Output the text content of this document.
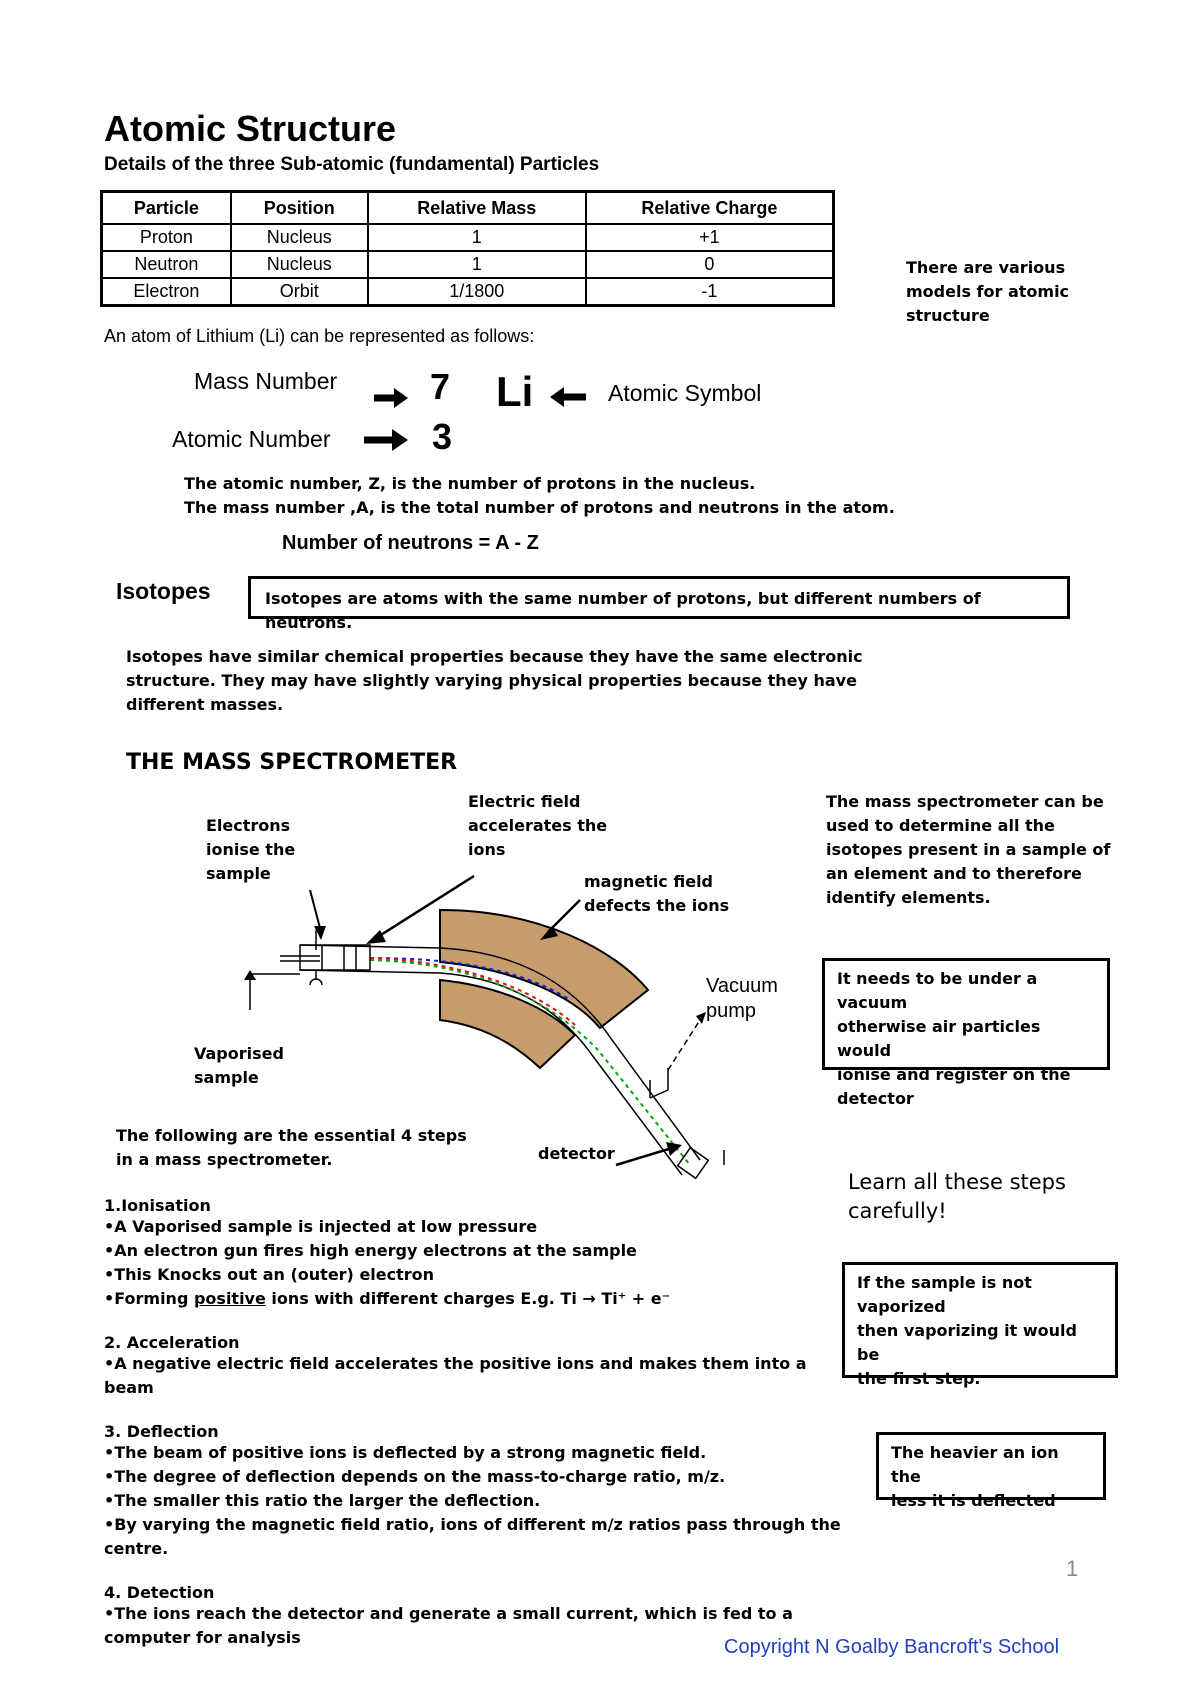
Atomic Structure
Details of the three Sub-atomic (fundamental) Particles
Particle	Position	Relative Mass	Relative Charge
Proton	Nucleus	1	+1
Neutron	Nucleus	1	0
Electron	Orbit	1/1800	-1
There are various models for atomic structure
An atom of Lithium (Li) can be represented as follows:
Mass Number
Atomic Number
7
3
Li	Atomic Symbol
The atomic number, Z, is the number of protons in the nucleus.
The mass number ,A, is the total number of protons and neutrons in the atom.
Number of neutrons = A - Z
Isotopes	Isotopes are atoms with the same number of protons, but different numbers of neutrons.
Isotopes have similar chemical properties because they have the same electronic
structure. They may have slightly varying physical properties because they have
different masses.
THE MASS SPECTROMETER
Electrons
ionise the
sample
Electric field
accelerates the
ions
magnetic field
defects the ions
Vacuum
pump
Vaporised
sample
detector
The mass spectrometer can be
used to determine all the
isotopes present in a sample of
an element and to therefore
identify elements.
It needs to be under a vacuum
otherwise air particles would
ionise and register on the
detector
The following are the essential 4 steps
in a mass spectrometer.
Learn all these steps
carefully!
If the sample is not vaporized
then vaporizing it would be
the first step.
The heavier an ion the
less it is deflected
1.Ionisation
•A Vaporised sample is injected at low pressure
•An electron gun fires high energy electrons at the sample
•This Knocks out an (outer) electron
•Forming positive ions with different charges E.g. Ti → Ti⁺ + e⁻
2. Acceleration
•A negative electric field accelerates the positive ions and makes them into a beam
3. Deflection
•The beam of positive ions is deflected by a strong magnetic field.
•The degree of deflection depends on the mass-to-charge ratio, m/z.
•The smaller this ratio the larger the deflection.
•By varying the magnetic field ratio, ions of different m/z ratios pass through the centre.
4. Detection
•The ions reach the detector and generate a small current, which is fed to a computer for analysis
1
Copyright N Goalby Bancroft's School
